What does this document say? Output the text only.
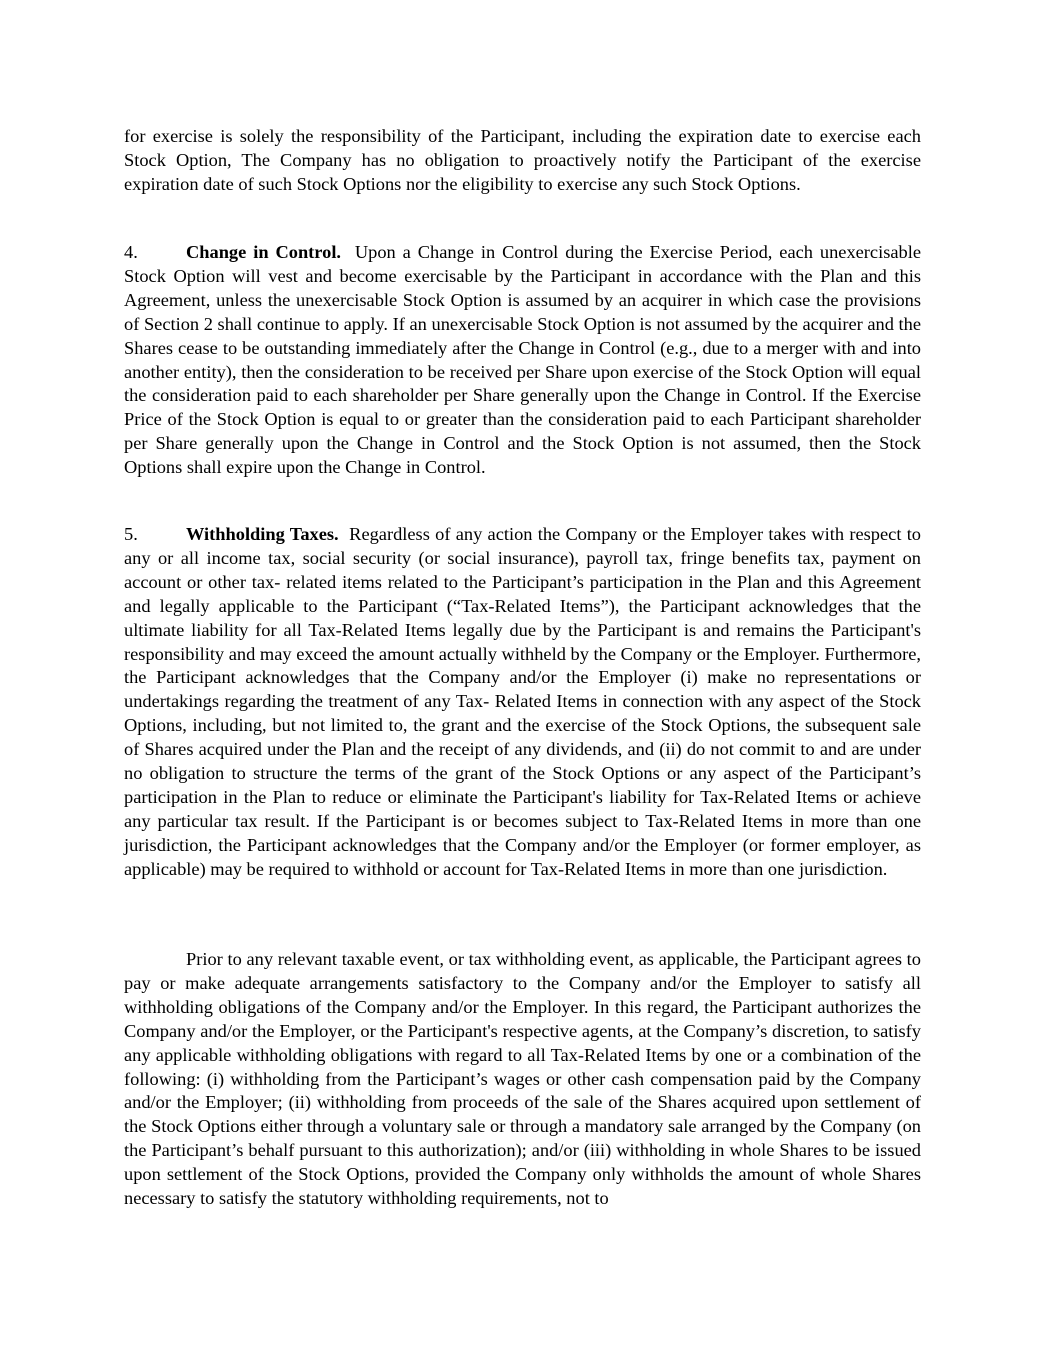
for exercise is solely the responsibility of the Participant, including the expiration date to exercise each Stock Option, The Company has no obligation to proactively notify the Participant of the exercise expiration date of such Stock Options nor the eligibility to exercise any such Stock Options.

4.	Change in Control. Upon a Change in Control during the Exercise Period, each unexercisable Stock Option will vest and become exercisable by the Participant in accordance with the Plan and this Agreement, unless the unexercisable Stock Option is assumed by an acquirer in which case the provisions of Section 2 shall continue to apply. If an unexercisable Stock Option is not assumed by the acquirer and the Shares cease to be outstanding immediately after the Change in Control (e.g., due to a merger with and into another entity), then the consideration to be received per Share upon exercise of the Stock Option will equal the consideration paid to each shareholder per Share generally upon the Change in Control. If the Exercise Price of the Stock Option is equal to or greater than the consideration paid to each Participant shareholder per Share generally upon the Change in Control and the Stock Option is not assumed, then the Stock Options shall expire upon the Change in Control.

5.	Withholding Taxes. Regardless of any action the Company or the Employer takes with respect to any or all income tax, social security (or social insurance), payroll tax, fringe benefits tax, payment on account or other tax- related items related to the Participant’s participation in the Plan and this Agreement and legally applicable to the Participant (“Tax-Related Items”), the Participant acknowledges that the ultimate liability for all Tax-Related Items legally due by the Participant is and remains the Participant's responsibility and may exceed the amount actually withheld by the Company or the Employer. Furthermore, the Participant acknowledges that the Company and/or the Employer (i) make no representations or undertakings regarding the treatment of any Tax- Related Items in connection with any aspect of the Stock Options, including, but not limited to, the grant and the exercise of the Stock Options, the subsequent sale of Shares acquired under the Plan and the receipt of any dividends, and (ii) do not commit to and are under no obligation to structure the terms of the grant of the Stock Options or any aspect of the Participant’s participation in the Plan to reduce or eliminate the Participant's liability for Tax-Related Items or achieve any particular tax result. If the Participant is or becomes subject to Tax-Related Items in more than one jurisdiction, the Participant acknowledges that the Company and/or the Employer (or former employer, as applicable) may be required to withhold or account for Tax-Related Items in more than one jurisdiction.

Prior to any relevant taxable event, or tax withholding event, as applicable, the Participant agrees to pay or make adequate arrangements satisfactory to the Company and/or the Employer to satisfy all withholding obligations of the Company and/or the Employer. In this regard, the Participant authorizes the Company and/or the Employer, or the Participant's respective agents, at the Company’s discretion, to satisfy any applicable withholding obligations with regard to all Tax-Related Items by one or a combination of the following: (i) withholding from the Participant’s wages or other cash compensation paid by the Company and/or the Employer; (ii) withholding from proceeds of the sale of the Shares acquired upon settlement of the Stock Options either through a voluntary sale or through a mandatory sale arranged by the Company (on the Participant’s behalf pursuant to this authorization); and/or (iii) withholding in whole Shares to be issued upon settlement of the Stock Options, provided the Company only withholds the amount of whole Shares necessary to satisfy the statutory withholding requirements, not to
